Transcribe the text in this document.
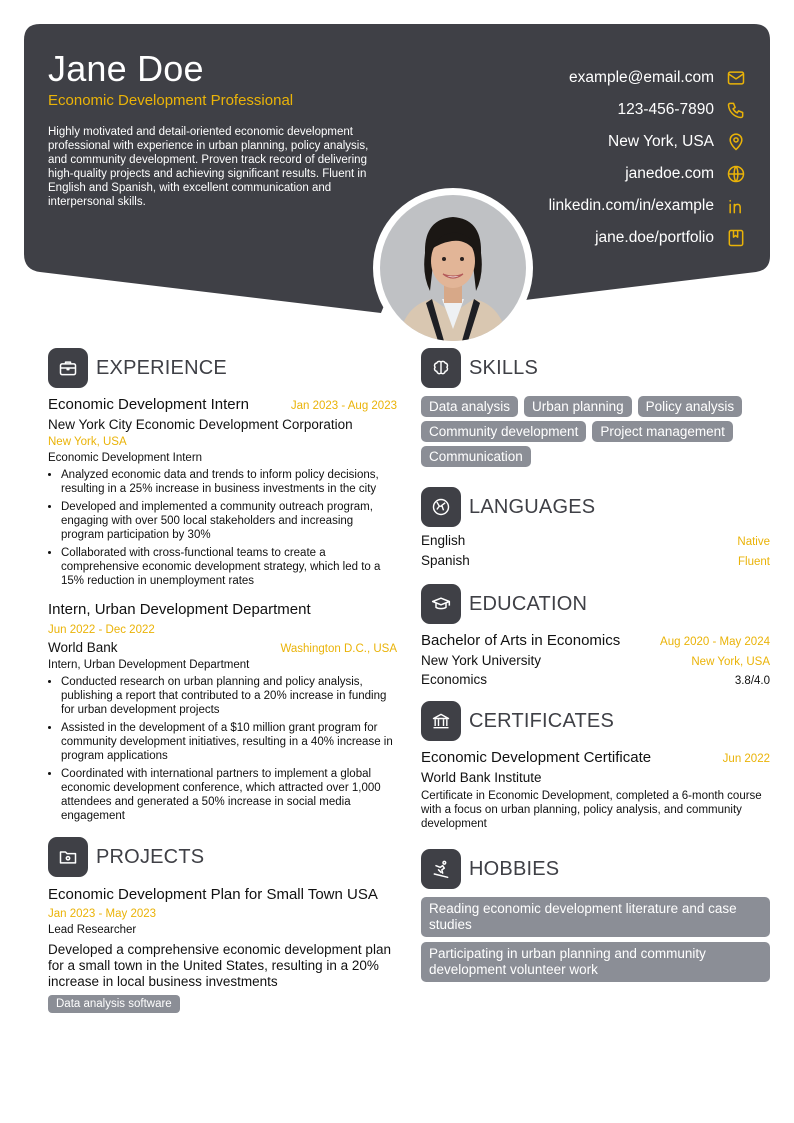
Jane Doe
Economic Development Professional
Highly motivated and detail-oriented economic development professional with experience in urban planning, policy analysis, and community development. Proven track record of delivering high-quality projects and achieving significant results. Fluent in English and Spanish, with excellent communication and interpersonal skills.
example@email.com
123-456-7890
New York, USA
janedoe.com
linkedin.com/in/example
jane.doe/portfolio
EXPERIENCE
Economic Development Intern	Jan 2023 - Aug 2023
New York City Economic Development Corporation
New York, USA
Economic Development Intern
• Analyzed economic data and trends to inform policy decisions, resulting in a 25% increase in business investments in the city
• Developed and implemented a community outreach program, engaging with over 500 local stakeholders and increasing program participation by 30%
• Collaborated with cross-functional teams to create a comprehensive economic development strategy, which led to a 15% reduction in unemployment rates
Intern, Urban Development Department
Jun 2022 - Dec 2022
World Bank	Washington D.C., USA
Intern, Urban Development Department
• Conducted research on urban planning and policy analysis, publishing a report that contributed to a 20% increase in funding for urban development projects
• Assisted in the development of a $10 million grant program for community development initiatives, resulting in a 40% increase in program applications
• Coordinated with international partners to implement a global economic development conference, which attracted over 1,000 attendees and generated a 50% increase in social media engagement
PROJECTS
Economic Development Plan for Small Town USA
Jan 2023 - May 2023
Lead Researcher
Developed a comprehensive economic development plan for a small town in the United States, resulting in a 20% increase in local business investments
Data analysis software
SKILLS
Data analysis	Urban planning	Policy analysis
Community development	Project management
Communication
LANGUAGES
English	Native
Spanish	Fluent
EDUCATION
Bachelor of Arts in Economics	Aug 2020 - May 2024
New York University	New York, USA
Economics	3.8/4.0
CERTIFICATES
Economic Development Certificate	Jun 2022
World Bank Institute
Certificate in Economic Development, completed a 6-month course with a focus on urban planning, policy analysis, and community development
HOBBIES
Reading economic development literature and case studies
Participating in urban planning and community development volunteer work
